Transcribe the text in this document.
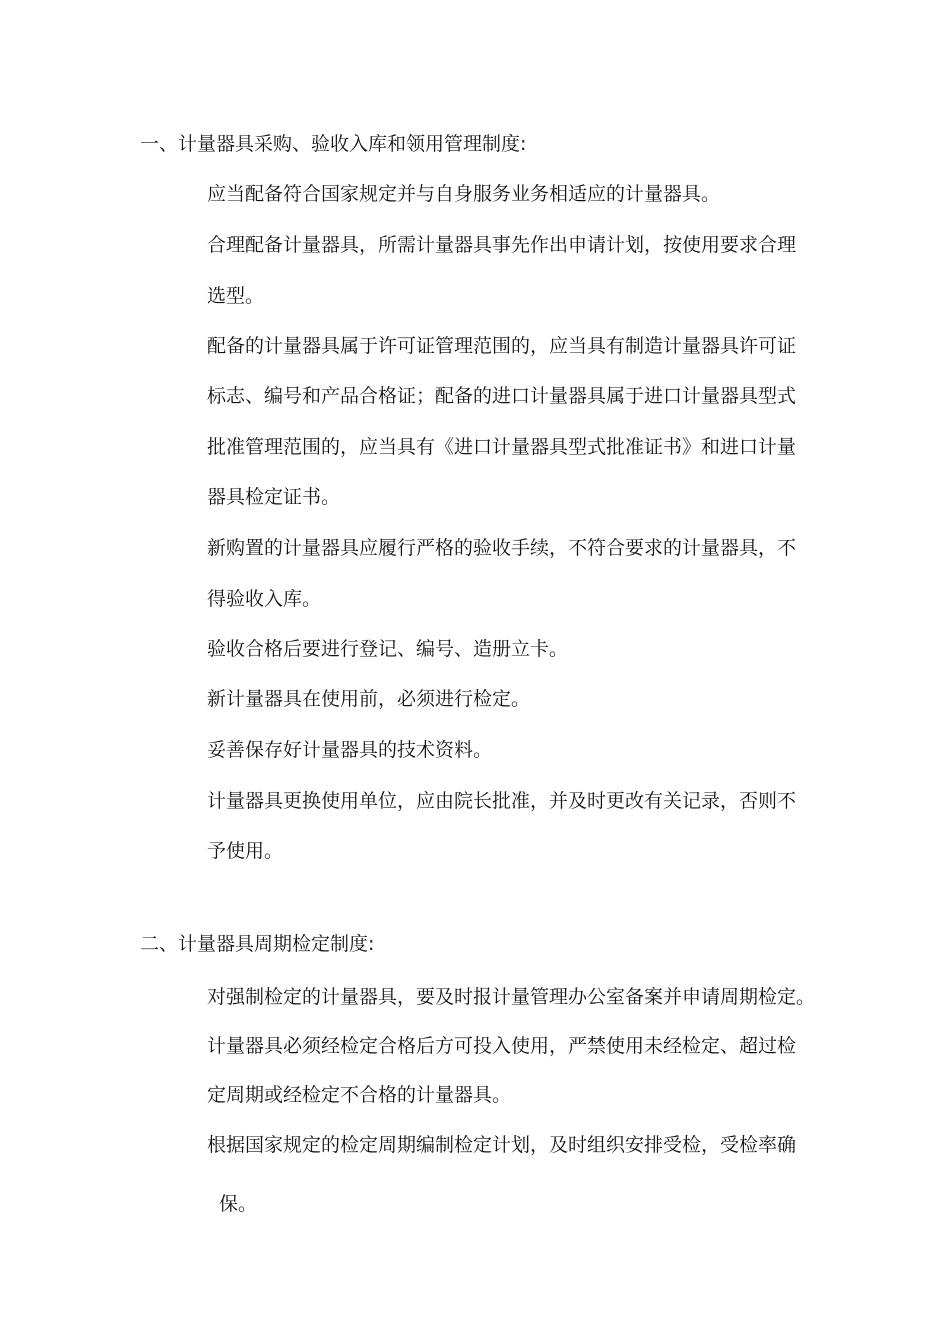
一、计量器具采购、验收入库和领用管理制度:
应当配备符合国家规定并与自身服务业务相适应的计量器具。
合理配备计量器具，所需计量器具事先作出申请计划，按使用要求合理
选型。
配备的计量器具属于许可证管理范围的，应当具有制造计量器具许可证
标志、编号和产品合格证；配备的进口计量器具属于进口计量器具型式
批准管理范围的，应当具有《进口计量器具型式批准证书》和进口计量
器具检定证书。
新购置的计量器具应履行严格的验收手续，不符合要求的计量器具，不
得验收入库。
验收合格后要进行登记、编号、造册立卡。
新计量器具在使用前，必须进行检定。
妥善保存好计量器具的技术资料。
计量器具更换使用单位，应由院长批准，并及时更改有关记录，否则不
予使用。
二、计量器具周期检定制度:
对强制检定的计量器具，要及时报计量管理办公室备案并申请周期检定。
计量器具必须经检定合格后方可投入使用，严禁使用未经检定、超过检
定周期或经检定不合格的计量器具。
根据国家规定的检定周期编制检定计划，及时组织安排受检，受检率确
保。
